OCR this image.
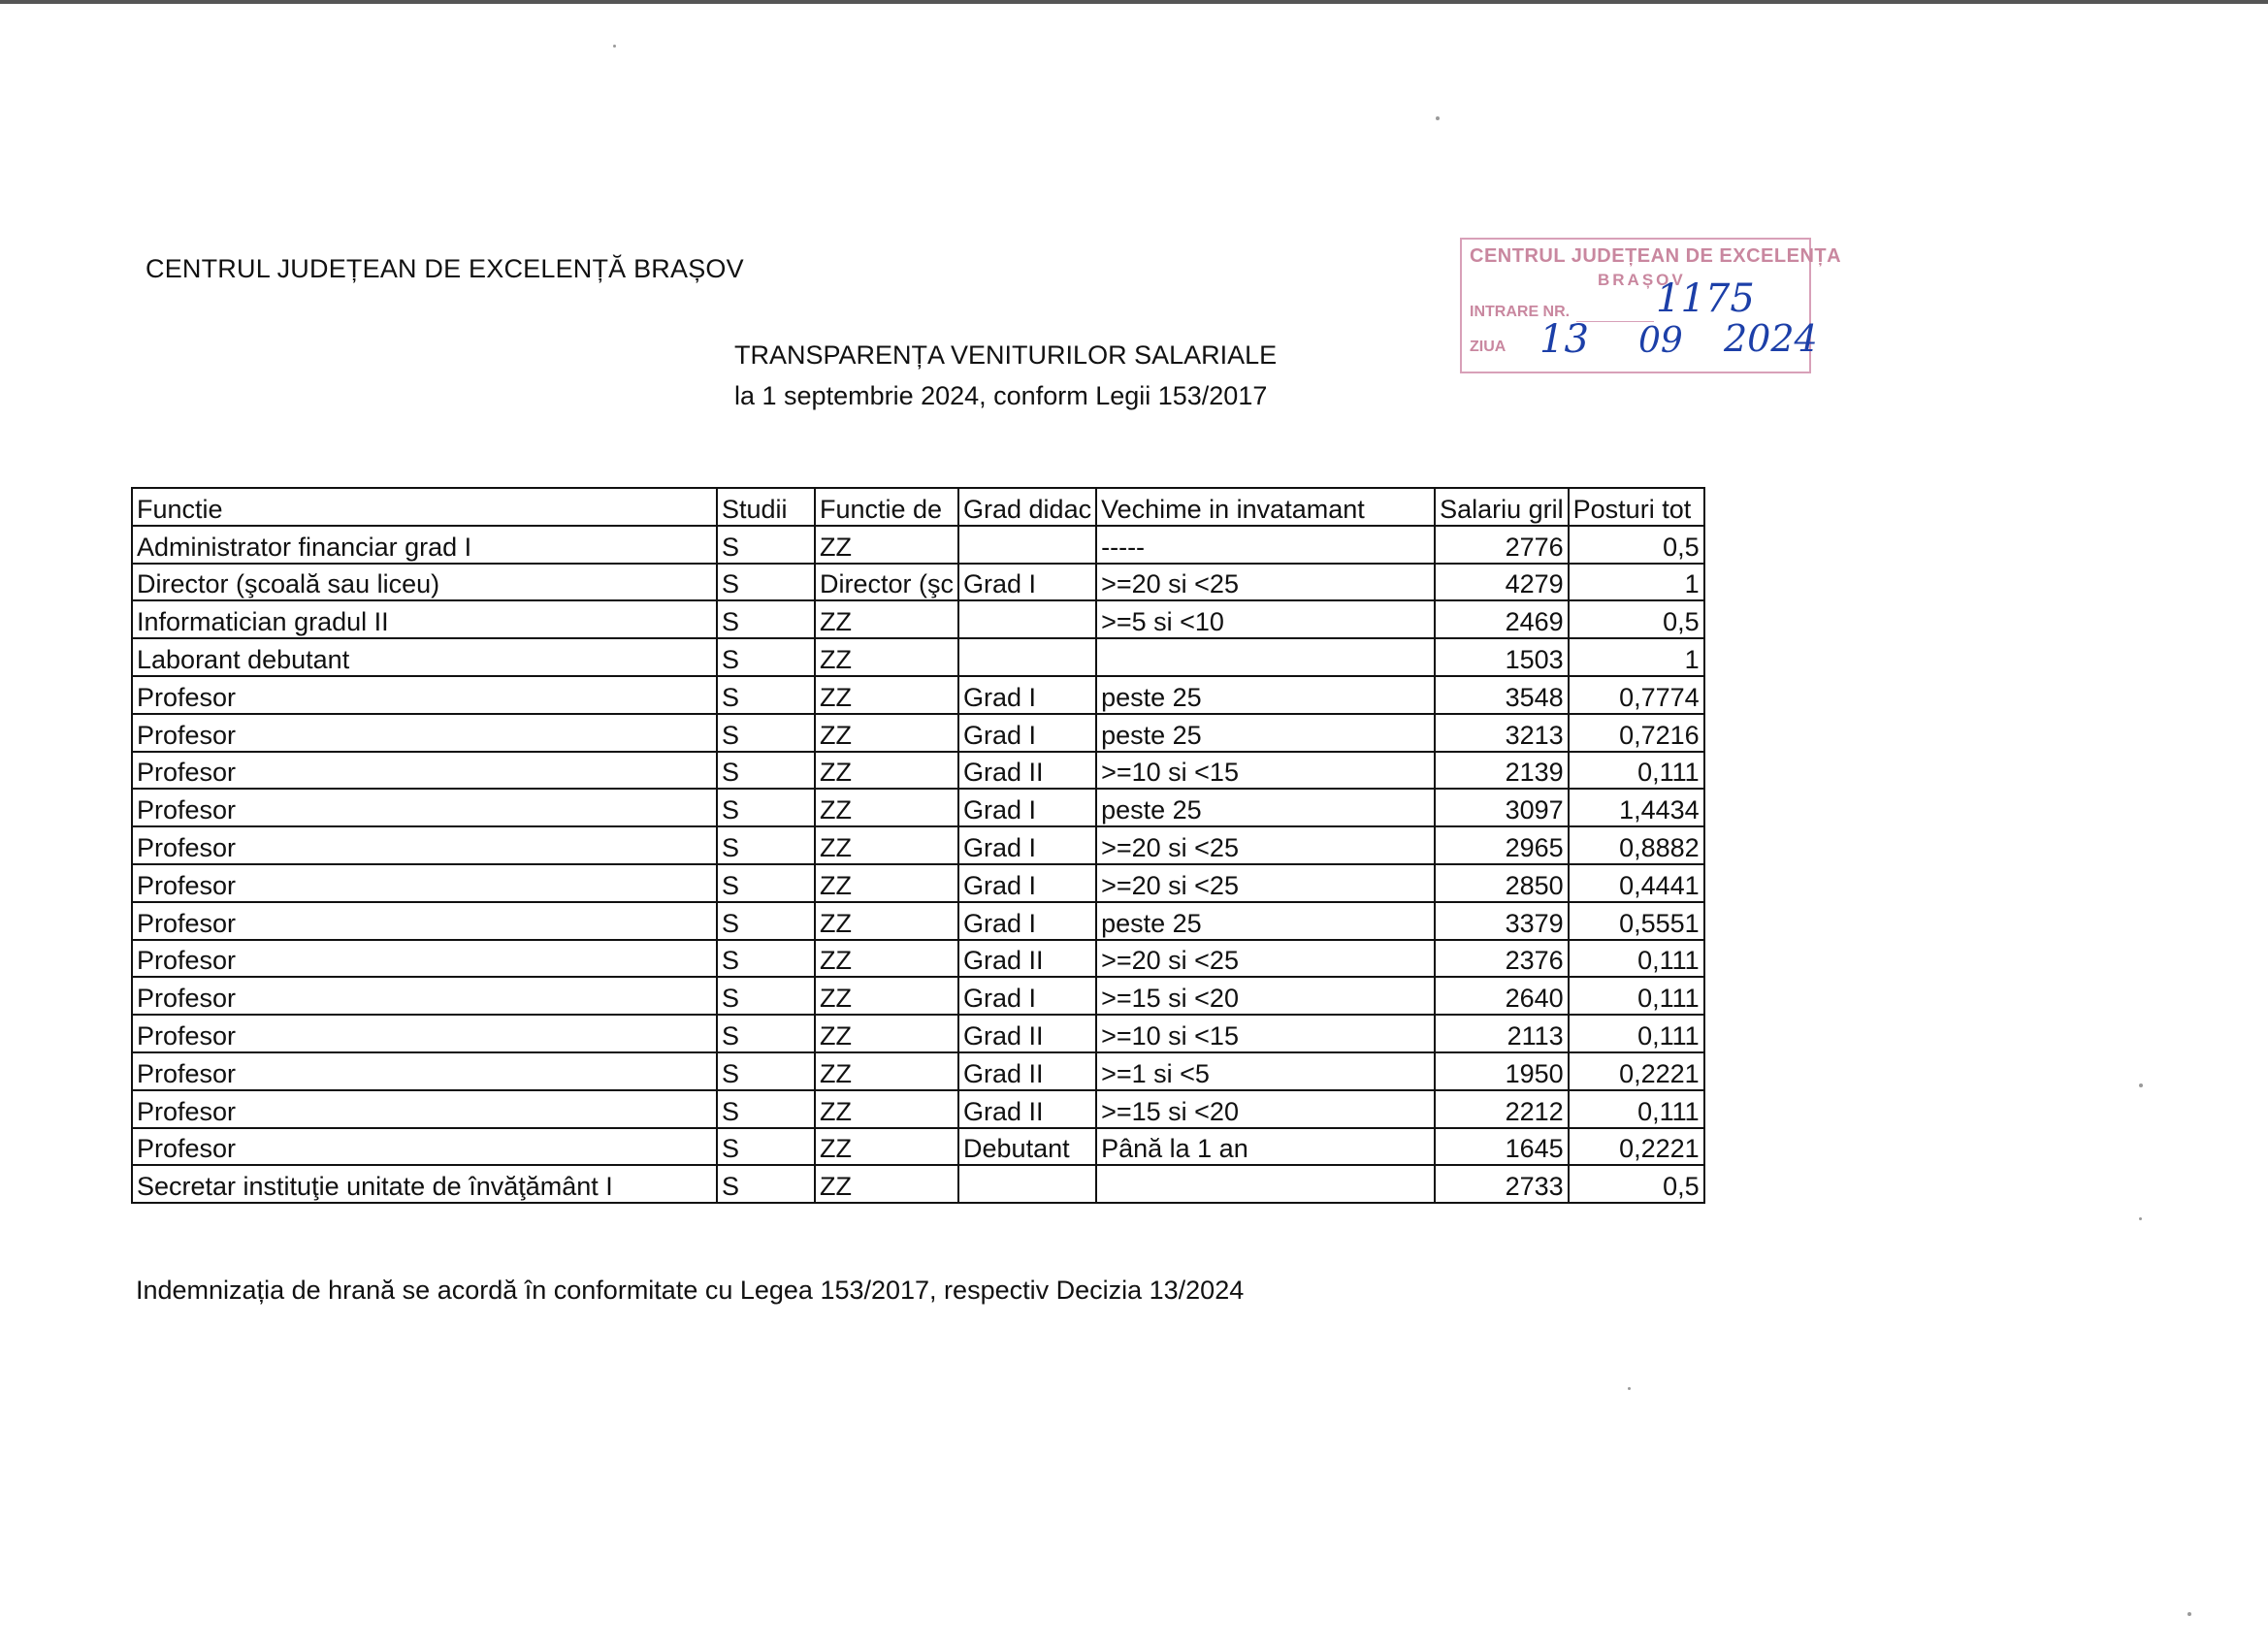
CENTRUL JUDEȚEAN DE EXCELENȚĂ BRAȘOV
TRANSPARENȚA VENITURILOR SALARIALE
la 1 septembrie 2024, conform Legii 153/2017
CENTRUL JUDEȚEAN DE EXCELENȚA
BRAȘOV
INTRARE NR.
ZIUA
1175
13 09 2024
Functie	Studii	Functie de	Grad didac	Vechime in invatamant	Salariu gril	Posturi tot
Administrator financiar grad I	S	ZZ		-----	2776	0,5
Director (şcoală sau liceu)	S	Director (şc	Grad I	>=20 si <25	4279	1
Informatician gradul II	S	ZZ		>=5 si <10	2469	0,5
Laborant debutant	S	ZZ			1503	1
Profesor	S	ZZ	Grad I	peste 25	3548	0,7774
Profesor	S	ZZ	Grad I	peste 25	3213	0,7216
Profesor	S	ZZ	Grad II	>=10 si <15	2139	0,111
Profesor	S	ZZ	Grad I	peste 25	3097	1,4434
Profesor	S	ZZ	Grad I	>=20 si <25	2965	0,8882
Profesor	S	ZZ	Grad I	>=20 si <25	2850	0,4441
Profesor	S	ZZ	Grad I	peste 25	3379	0,5551
Profesor	S	ZZ	Grad II	>=20 si <25	2376	0,111
Profesor	S	ZZ	Grad I	>=15 si <20	2640	0,111
Profesor	S	ZZ	Grad II	>=10 si <15	2113	0,111
Profesor	S	ZZ	Grad II	>=1 si <5	1950	0,2221
Profesor	S	ZZ	Grad II	>=15 si <20	2212	0,111
Profesor	S	ZZ	Debutant	Până la 1 an	1645	0,2221
Secretar instituţie unitate de învăţământ I	S	ZZ			2733	0,5
Indemnizația de hrană se acordă în conformitate cu Legea 153/2017, respectiv Decizia 13/2024
